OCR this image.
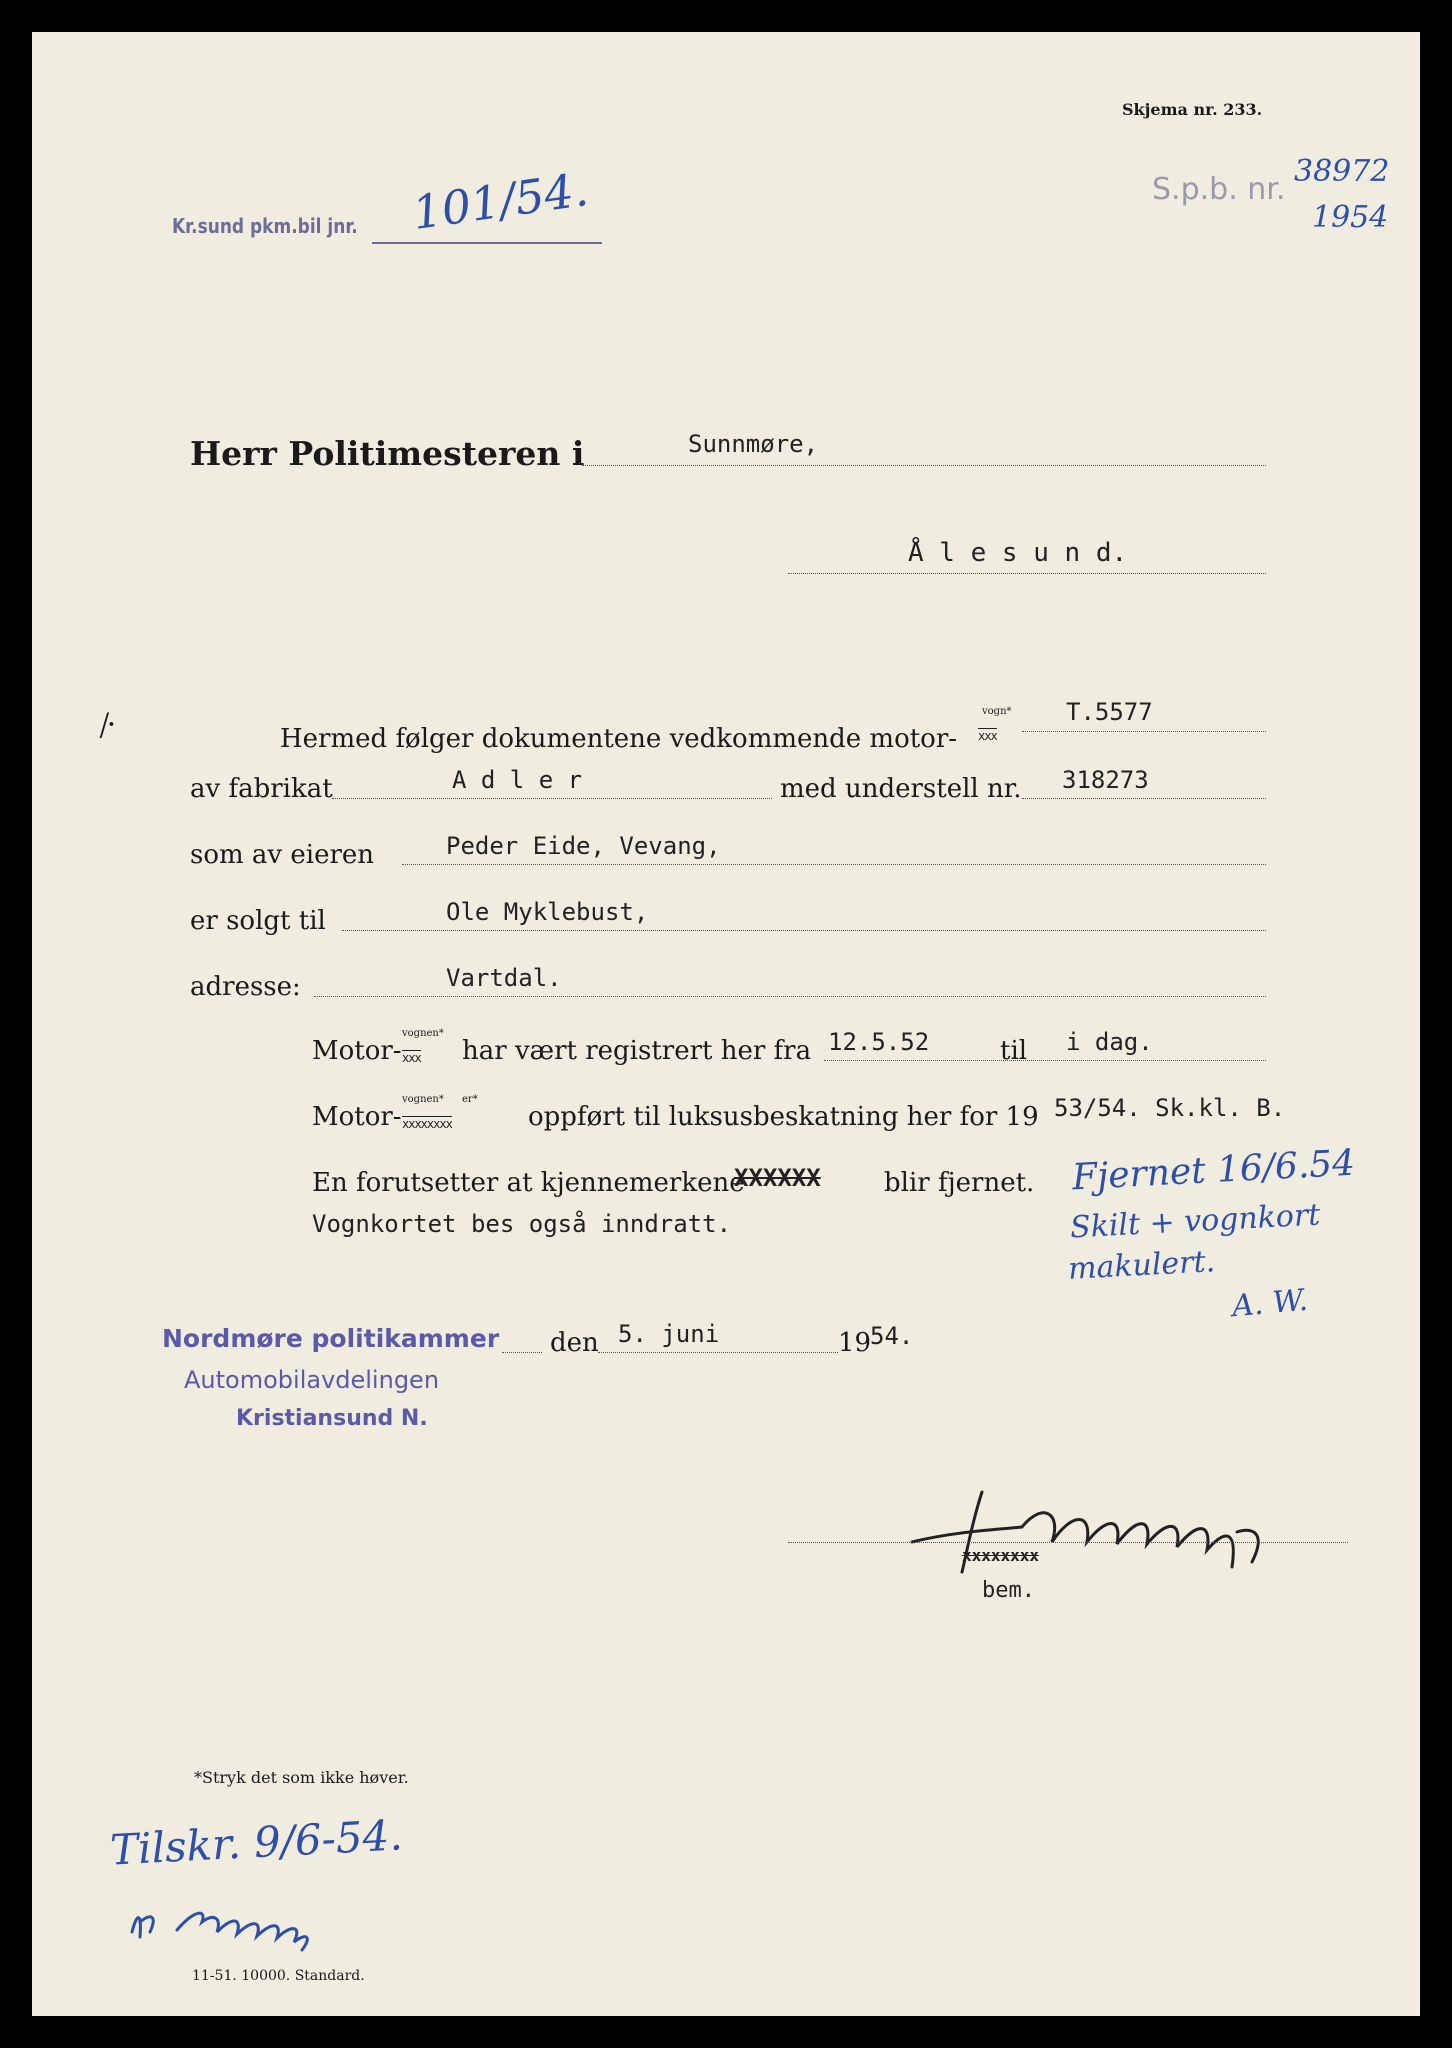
Skjema nr. 233.
Kr.sund pkm.bil jnr. 101/54.	S.p.b. nr.
38972
1954
Herr Politimesteren i	Sunnmøre,
Å l e s u n d.
⁄·	Hermed følger dokumentene vedkommende motor-
vogn*
xxx
T.5577
av fabrikat	A d l e r	med understell nr. 318273
som av eieren	Peder Eide, Vevang,
er solgt til	Ole Myklebust,
adresse:	Vartdal.
Motor-
vognen*
xxx har vært registrert her fra 12.5.52	til i dag.
Motor-
vognen* er*
xxxxxxxx	oppført til luksusbeskatning her for 19 53/54. Sk.kl. B.
En forutsetter at kjennemerkene
XXXXXX blir fjernet.
Vognkortet bes også inndratt.
Fjernet 16/6.54
Skilt + vognkort
makulert.
A. W.
Nordmøre politikammer
Automobilavdelingen
Kristiansund N.
den 5. juni	19
54.
xxxxxxxx
bem.
*Stryk det som ikke høver.
Tilskr. 9/6-54.
11-51. 10000. Standard.
